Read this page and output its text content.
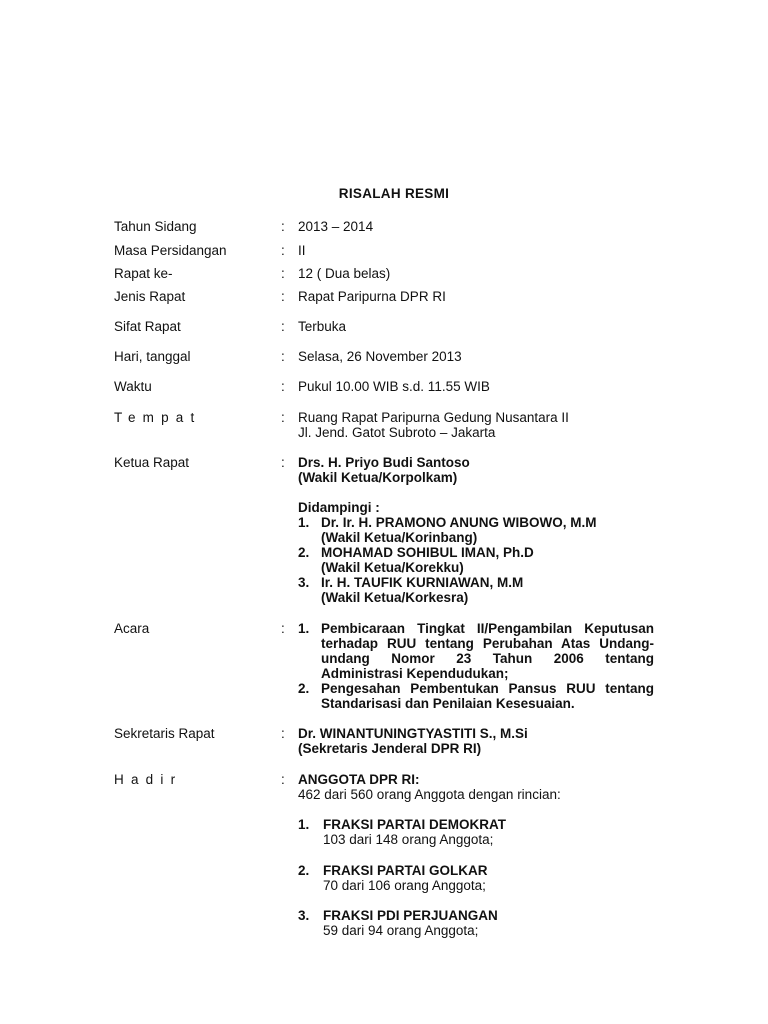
RISALAH RESMI
Tahun Sidang	: 2013 – 2014
Masa Persidangan	: II
Rapat ke-	: 12 ( Dua belas)
Jenis Rapat	: Rapat Paripurna DPR RI
Sifat Rapat	: Terbuka
Hari, tanggal	: Selasa, 26 November 2013
Waktu	: Pukul 10.00 WIB s.d. 11.55 WIB
Tempat	: Ruang Rapat Paripurna Gedung Nusantara II
Jl. Jend. Gatot Subroto – Jakarta
Ketua Rapat	: Drs. H. Priyo Budi Santoso
(Wakil Ketua/Korpolkam)
Didampingi :
1. Dr. Ir. H. PRAMONO ANUNG WIBOWO, M.M
(Wakil Ketua/Korinbang)
2. MOHAMAD SOHIBUL IMAN, Ph.D
(Wakil Ketua/Korekku)
3. Ir. H. TAUFIK KURNIAWAN, M.M
(Wakil Ketua/Korkesra)
Acara	: 1. Pembicaraan Tingkat II/Pengambilan Keputusan
terhadap RUU tentang Perubahan Atas Undang-
undang Nomor 23 Tahun 2006 tentang
Administrasi Kependudukan;
2. Pengesahan Pembentukan Pansus RUU tentang
Standarisasi dan Penilaian Kesesuaian.
Sekretaris Rapat	: Dr. WINANTUNINGTYASTITI S., M.Si
(Sekretaris Jenderal DPR RI)
Hadir	: ANGGOTA DPR RI:
462 dari 560 orang Anggota dengan rincian:
1. FRAKSI PARTAI DEMOKRAT
103 dari 148 orang Anggota;
2. FRAKSI PARTAI GOLKAR
70 dari 106 orang Anggota;
3. FRAKSI PDI PERJUANGAN
59 dari 94 orang Anggota;
